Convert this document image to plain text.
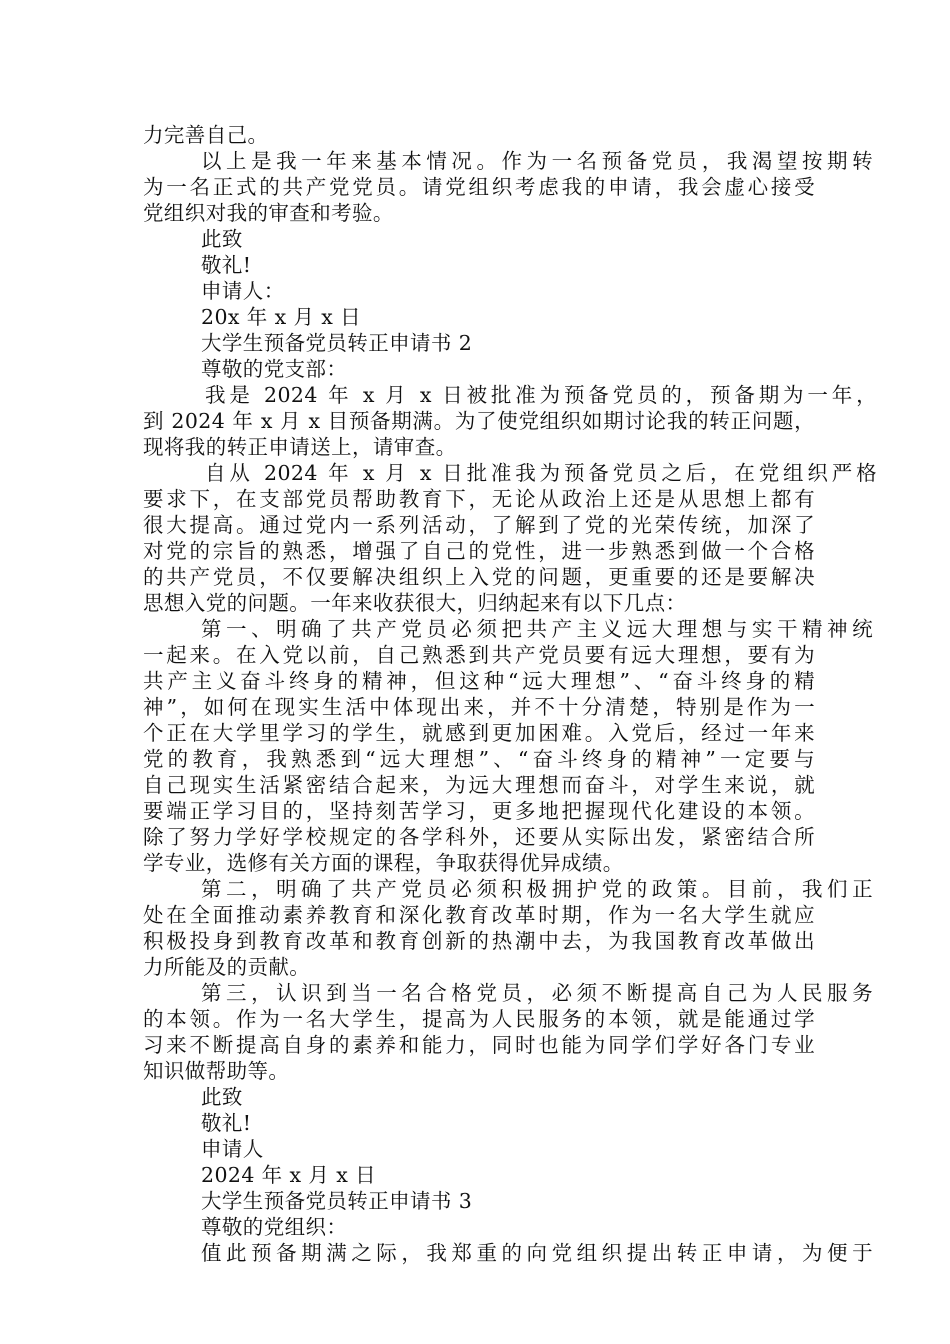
力完善自己。
以上是我一年来基本情况。作为一名预备党员，我渴望按期转
为一名正式的共产党党员。请党组织考虑我的申请，我会虚心接受
党组织对我的审查和考验。
此致
敬礼!
申请人：
20x 年 x 月 x 日
大学生预备党员转正申请书 2
尊敬的党支部：
我是 2024 年 x 月 x 日被批准为预备党员的，预备期为一年，
到 2024 年 x 月 x 目预备期满。为了使党组织如期讨论我的转正问题，
现将我的转正申请送上，请审查。
自从 2024 年 x 月 x 日批准我为预备党员之后，在党组织严格
要求下，在支部党员帮助教育下，无论从政治上还是从思想上都有
很大提高。通过党内一系列活动，了解到了党的光荣传统，加深了
对党的宗旨的熟悉，增强了自己的党性，进一步熟悉到做一个合格
的共产党员，不仅要解决组织上入党的问题，更重要的还是要解决
思想入党的问题。一年来收获很大，归纳起来有以下几点：
第一、明确了共产党员必须把共产主义远大理想与实干精神统
一起来。在入党以前，自己熟悉到共产党员要有远大理想，要有为
共产主义奋斗终身的精神，但这种“远大理想”、“奋斗终身的精
神”，如何在现实生活中体现出来，并不十分清楚，特别是作为一
个正在大学里学习的学生，就感到更加困难。入党后，经过一年来
党的教育，我熟悉到“远大理想”、“奋斗终身的精神”一定要与
自己现实生活紧密结合起来，为远大理想而奋斗，对学生来说，就
要端正学习目的，坚持刻苦学习，更多地把握现代化建设的本领。
除了努力学好学校规定的各学科外，还要从实际出发，紧密结合所
学专业，选修有关方面的课程，争取获得优异成绩。
第二，明确了共产党员必须积极拥护党的政策。目前，我们正
处在全面推动素养教育和深化教育改革时期，作为一名大学生就应
积极投身到教育改革和教育创新的热潮中去，为我国教育改革做出
力所能及的贡献。
第三，认识到当一名合格党员，必须不断提高自己为人民服务
的本领。作为一名大学生，提高为人民服务的本领，就是能通过学
习来不断提高自身的素养和能力，同时也能为同学们学好各门专业
知识做帮助等。
此致
敬礼!
申请人
2024 年 x 月 x 日
大学生预备党员转正申请书 3
尊敬的党组织：
值此预备期满之际，我郑重的向党组织提出转正申请，为便于
